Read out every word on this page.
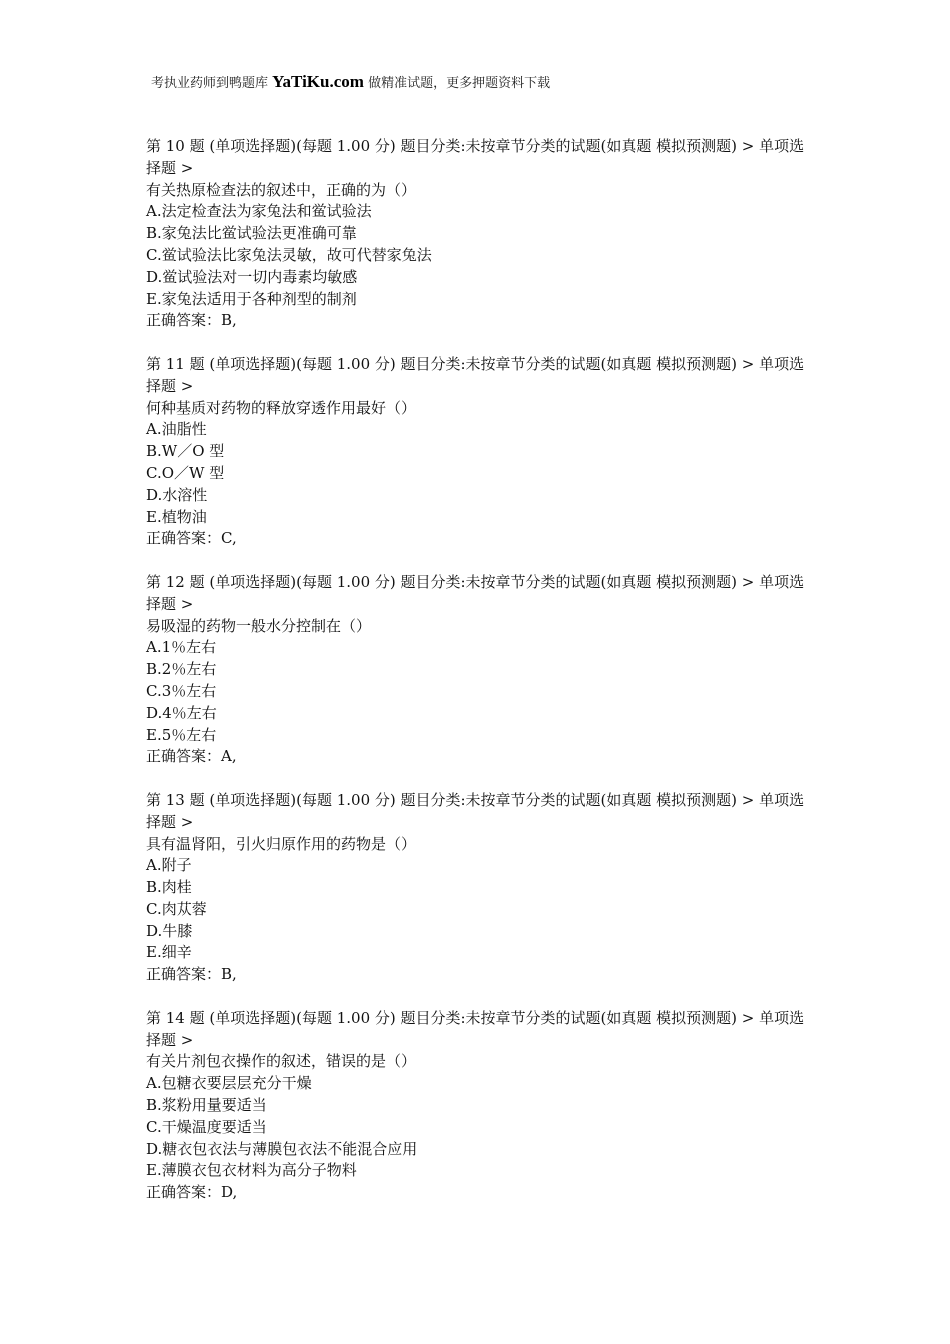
考执业药师到鸭题库 YaTiKu.com 做精准试题，更多押题资料下载
第 10 题 (单项选择题)(每题 1.00 分) 题目分类:未按章节分类的试题(如真题 模拟预测题) > 单项选择题 >
有关热原检查法的叙述中，正确的为（）
A.法定检查法为家兔法和鲎试验法
B.家兔法比鲎试验法更准确可靠
C.鲎试验法比家兔法灵敏，故可代替家兔法
D.鲎试验法对一切内毒素均敏感
E.家兔法适用于各种剂型的制剂
正确答案：B,
第 11 题 (单项选择题)(每题 1.00 分) 题目分类:未按章节分类的试题(如真题 模拟预测题) > 单项选择题 >
何种基质对药物的释放穿透作用最好（）
A.油脂性
B.W／O 型
C.O／W 型
D.水溶性
E.植物油
正确答案：C,
第 12 题 (单项选择题)(每题 1.00 分) 题目分类:未按章节分类的试题(如真题 模拟预测题) > 单项选择题 >
易吸湿的药物一般水分控制在（）
A.1％左右
B.2％左右
C.3％左右
D.4％左右
E.5％左右
正确答案：A,
第 13 题 (单项选择题)(每题 1.00 分) 题目分类:未按章节分类的试题(如真题 模拟预测题) > 单项选择题 >
具有温肾阳，引火归原作用的药物是（）
A.附子
B.肉桂
C.肉苁蓉
D.牛膝
E.细辛
正确答案：B,
第 14 题 (单项选择题)(每题 1.00 分) 题目分类:未按章节分类的试题(如真题 模拟预测题) > 单项选择题 >
有关片剂包衣操作的叙述，错误的是（）
A.包糖衣要层层充分干燥
B.浆粉用量要适当
C.干燥温度要适当
D.糖衣包衣法与薄膜包衣法不能混合应用
E.薄膜衣包衣材料为高分子物料
正确答案：D,
